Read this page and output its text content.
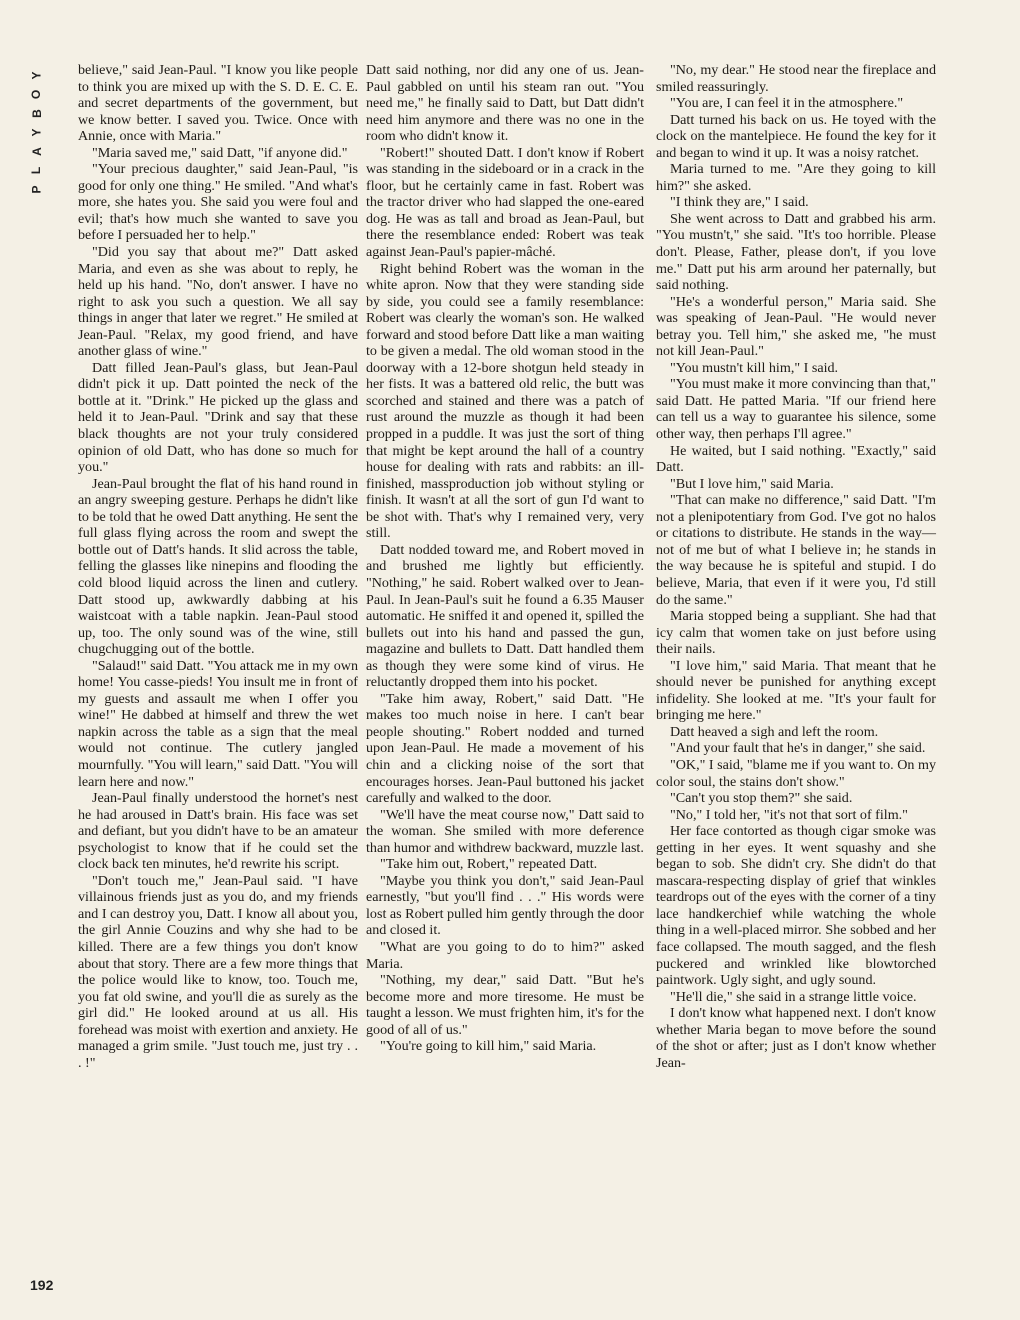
Y
O
B
Y
A
L
P

believe," said Jean-Paul. "I know you like people to think you are mixed up with the S. D. E. C. E. and secret departments of the government, but we know better. I saved you. Twice. Once with Annie, once with Maria."

"Maria saved me," said Datt, "if anyone did."

"Your precious daughter," said Jean-Paul, "is good for only one thing." He smiled. "And what's more, she hates you. She said you were foul and evil; that's how much she wanted to save you before I persuaded her to help."

"Did you say that about me?" Datt asked Maria, and even as she was about to reply, he held up his hand. "No, don't answer. I have no right to ask you such a question. We all say things in anger that later we regret." He smiled at Jean-Paul. "Relax, my good friend, and have another glass of wine."

Datt filled Jean-Paul's glass, but Jean-Paul didn't pick it up. Datt pointed the neck of the bottle at it. "Drink." He picked up the glass and held it to Jean-Paul. "Drink and say that these black thoughts are not your truly considered opinion of old Datt, who has done so much for you."

Jean-Paul brought the flat of his hand round in an angry sweeping gesture. Perhaps he didn't like to be told that he owed Datt anything. He sent the full glass flying across the room and swept the bottle out of Datt's hands. It slid across the table, felling the glasses like ninepins and flooding the cold blood liquid across the linen and cutlery. Datt stood up, awkwardly dabbing at his waistcoat with a table napkin. Jean-Paul stood up, too. The only sound was of the wine, still chugchugging out of the bottle.

"Salaud!" said Datt. "You attack me in my own home! You casse-pieds! You insult me in front of my guests and assault me when I offer you wine!" He dabbed at himself and threw the wet napkin across the table as a sign that the meal would not continue. The cutlery jangled mournfully. "You will learn," said Datt. "You will learn here and now."

Jean-Paul finally understood the hornet's nest he had aroused in Datt's brain. His face was set and defiant, but you didn't have to be an amateur psychologist to know that if he could set the clock back ten minutes, he'd rewrite his script.

"Don't touch me," Jean-Paul said. "I have villainous friends just as you do, and my friends and I can destroy you, Datt. I know all about you, the girl Annie Couzins and why she had to be killed. There are a few things you don't know about that story. There are a few more things that the police would like to know, too. Touch me, you fat old swine, and you'll die as surely as the girl did." He looked around at us all. His forehead was moist with exertion and anxiety. He managed a grim smile. "Just touch me, just try . . . !"

Datt said nothing, nor did any one of us. Jean-Paul gabbled on until his steam ran out. "You need me," he finally said to Datt, but Datt didn't need him anymore and there was no one in the room who didn't know it.

"Robert!" shouted Datt. I don't know if Robert was standing in the sideboard or in a crack in the floor, but he certainly came in fast. Robert was the tractor driver who had slapped the one-eared dog. He was as tall and broad as Jean-Paul, but there the resemblance ended: Robert was teak against Jean-Paul's papier-mâché.

Right behind Robert was the woman in the white apron. Now that they were standing side by side, you could see a family resemblance: Robert was clearly the woman's son. He walked forward and stood before Datt like a man waiting to be given a medal. The old woman stood in the doorway with a 12-bore shotgun held steady in her fists. It was a battered old relic, the butt was scorched and stained and there was a patch of rust around the muzzle as though it had been propped in a puddle. It was just the sort of thing that might be kept around the hall of a country house for dealing with rats and rabbits: an ill-finished, massproduction job without styling or finish. It wasn't at all the sort of gun I'd want to be shot with. That's why I remained very, very still.

Datt nodded toward me, and Robert moved in and brushed me lightly but efficiently. "Nothing," he said. Robert walked over to Jean-Paul. In Jean-Paul's suit he found a 6.35 Mauser automatic. He sniffed it and opened it, spilled the bullets out into his hand and passed the gun, magazine and bullets to Datt. Datt handled them as though they were some kind of virus. He reluctantly dropped them into his pocket.

"Take him away, Robert," said Datt. "He makes too much noise in here. I can't bear people shouting." Robert nodded and turned upon Jean-Paul. He made a movement of his chin and a clicking noise of the sort that encourages horses. Jean-Paul buttoned his jacket carefully and walked to the door.

"We'll have the meat course now," Datt said to the woman. She smiled with more deference than humor and withdrew backward, muzzle last.

"Take him out, Robert," repeated Datt.

"Maybe you think you don't," said Jean-Paul earnestly, "but you'll find . . ." His words were lost as Robert pulled him gently through the door and closed it.

"What are you going to do to him?" asked Maria.

"Nothing, my dear," said Datt. "But he's become more and more tiresome. He must be taught a lesson. We must frighten him, it's for the good of all of us."

"You're going to kill him," said Maria.

"No, my dear." He stood near the fireplace and smiled reassuringly.

"You are, I can feel it in the atmosphere."

Datt turned his back on us. He toyed with the clock on the mantelpiece. He found the key for it and began to wind it up. It was a noisy ratchet.

Maria turned to me. "Are they going to kill him?" she asked.

"I think they are," I said.

She went across to Datt and grabbed his arm. "You mustn't," she said. "It's too horrible. Please don't. Please, Father, please don't, if you love me." Datt put his arm around her paternally, but said nothing.

"He's a wonderful person," Maria said. She was speaking of Jean-Paul. "He would never betray you. Tell him," she asked me, "he must not kill Jean-Paul."

"You mustn't kill him," I said.

"You must make it more convincing than that," said Datt. He patted Maria. "If our friend here can tell us a way to guarantee his silence, some other way, then perhaps I'll agree."

He waited, but I said nothing. "Exactly," said Datt.

"But I love him," said Maria.

"That can make no difference," said Datt. "I'm not a plenipotentiary from God. I've got no halos or citations to distribute. He stands in the way—not of me but of what I believe in; he stands in the way because he is spiteful and stupid. I do believe, Maria, that even if it were you, I'd still do the same."

Maria stopped being a suppliant. She had that icy calm that women take on just before using their nails.

"I love him," said Maria. That meant that he should never be punished for anything except infidelity. She looked at me. "It's your fault for bringing me here."

Datt heaved a sigh and left the room.

"And your fault that he's in danger," she said.

"OK," I said, "blame me if you want to. On my color soul, the stains don't show."

"Can't you stop them?" she said.

"No," I told her, "it's not that sort of film."

Her face contorted as though cigar smoke was getting in her eyes. It went squashy and she began to sob. She didn't cry. She didn't do that mascara-respecting display of grief that winkles teardrops out of the eyes with the corner of a tiny lace handkerchief while watching the whole thing in a well-placed mirror. She sobbed and her face collapsed. The mouth sagged, and the flesh puckered and wrinkled like blowtorched paintwork. Ugly sight, and ugly sound.

"He'll die," she said in a strange little voice.

I don't know what happened next. I don't know whether Maria began to move before the sound of the shot or after; just as I don't know whether Jean-

192
